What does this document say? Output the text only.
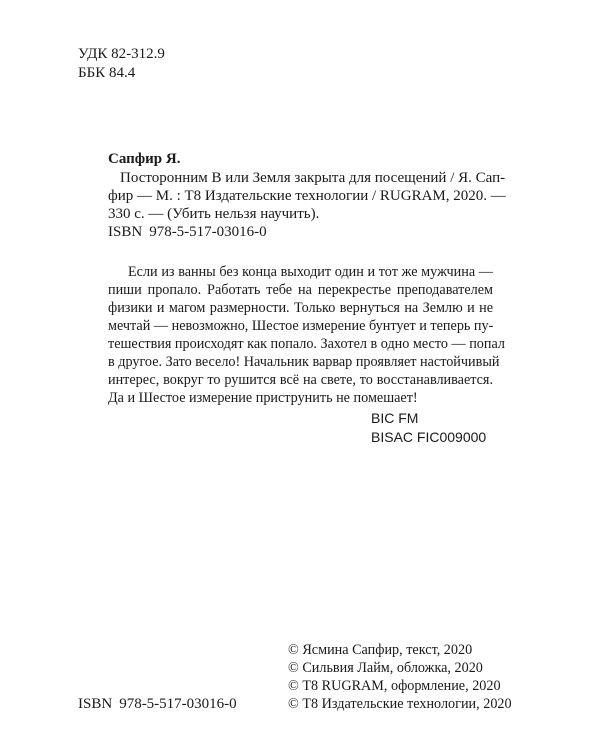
УДК 82-312.9
ББК 84.4
Сапфир Я.
Посторонним В или Земля закрыта для посещений / Я. Сап-
фир — М. : Т8 Издательские технологии / RUGRAM, 2020. —
330 с. — (Убить нельзя научить).
ISBN 978-5-517-03016-0
Если из ванны без конца выходит один и тот же мужчина —
пиши пропало. Работать тебе на перекрестье преподавателем
физики и магом размерности. Только вернуться на Землю и не
мечтай — невозможно, Шестое измерение бунтует и теперь пу-
тешествия происходят как попало. Захотел в одно место — попал
в другое. Зато весело! Начальник варвар проявляет настойчивый
интерес, вокруг то рушится всё на свете, то восстанавливается.
Да и Шестое измерение приструнить не помешает!
BIC FM
BISAC FIC009000
ISBN 978-5-517-03016-0
© Ясмина Сапфир, текст, 2020
© Сильвия Лайм, обложка, 2020
© Т8 RUGRAM, оформление, 2020
© Т8 Издательские технологии, 2020
